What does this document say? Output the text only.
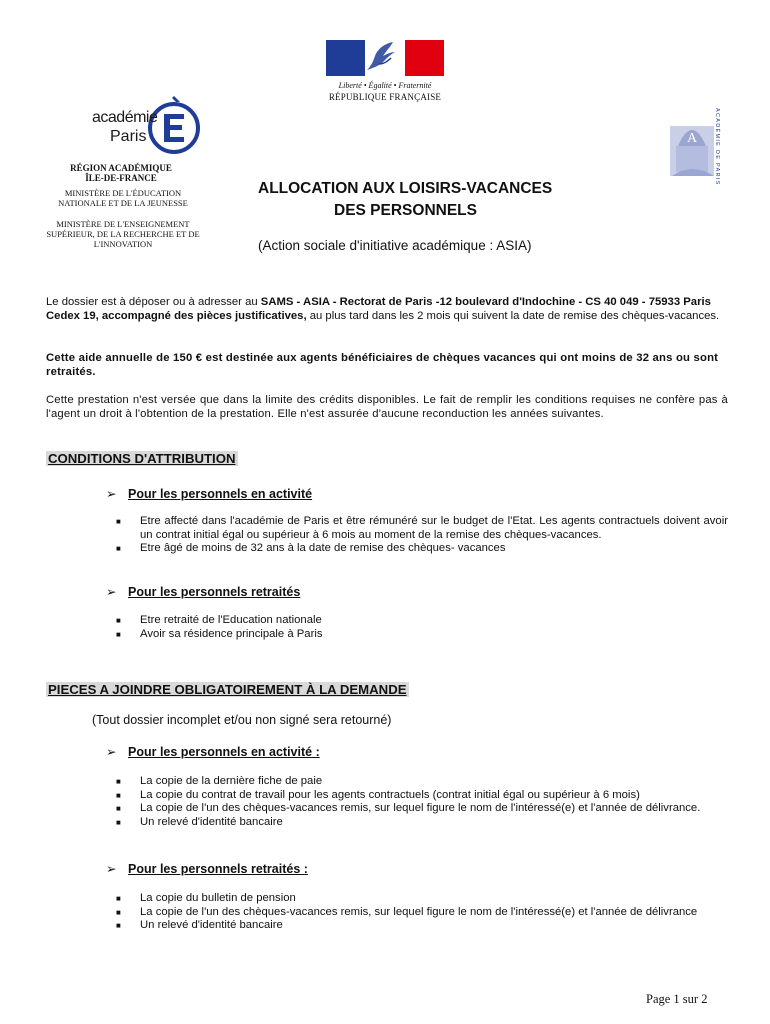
Liberté • Égalité • Fraternité
RÉPUBLIQUE FRANÇAISE
académie
Paris
RÉGION ACADÉMIQUE ÎLE-DE-FRANCE
MINISTÈRE DE L'ÉDUCATION NATIONALE ET DE LA JEUNESSE
MINISTÈRE DE L'ENSEIGNEMENT SUPÉRIEUR, DE LA RECHERCHE ET DE L'INNOVATION
A	ACADÉMIE DE PARIS
ALLOCATION AUX LOISIRS-VACANCES
DES PERSONNELS
(Action sociale d'initiative académique : ASIA)
Le dossier est à déposer ou à adresser au SAMS - ASIA - Rectorat de Paris -12 boulevard d'Indochine - CS 40 049 - 75933 Paris Cedex 19, accompagné des pièces justificatives, au plus tard dans les 2 mois qui suivent la date de remise des chèques-vacances.
Cette aide annuelle de 150 € est destinée aux agents bénéficiaires de chèques vacances qui ont moins de 32 ans ou sont retraités.
Cette prestation n'est versée que dans la limite des crédits disponibles. Le fait de remplir les conditions requises ne confère pas à l'agent un droit à l'obtention de la prestation. Elle n'est assurée d'aucune reconduction les années suivantes.
CONDITIONS D'ATTRIBUTION
➢ Pour les personnels en activité
■ Etre affecté dans l'académie de Paris et être rémunéré sur le budget de l'Etat. Les agents contractuels doivent avoir un contrat initial égal ou supérieur à 6 mois au moment de la remise des chèques-vacances.
■ Etre âgé de moins de 32 ans à la date de remise des chèques- vacances
➢ Pour les personnels retraités
■ Etre retraité de l'Education nationale
■ Avoir sa résidence principale à Paris
PIECES A JOINDRE OBLIGATOIREMENT À LA DEMANDE
(Tout dossier incomplet et/ou non signé sera retourné)
➢ Pour les personnels en activité :
■ La copie de la dernière fiche de paie
■ La copie du contrat de travail pour les agents contractuels (contrat initial égal ou supérieur à 6 mois)
■ La copie de l'un des chèques-vacances remis, sur lequel figure le nom de l'intéressé(e) et l'année de délivrance.
■ Un relevé d'identité bancaire
➢ Pour les personnels retraités :
■ La copie du bulletin de pension
■ La copie de l'un des chèques-vacances remis, sur lequel figure le nom de l'intéressé(e) et l'année de délivrance
■ Un relevé d'identité bancaire
Page 1 sur 2
